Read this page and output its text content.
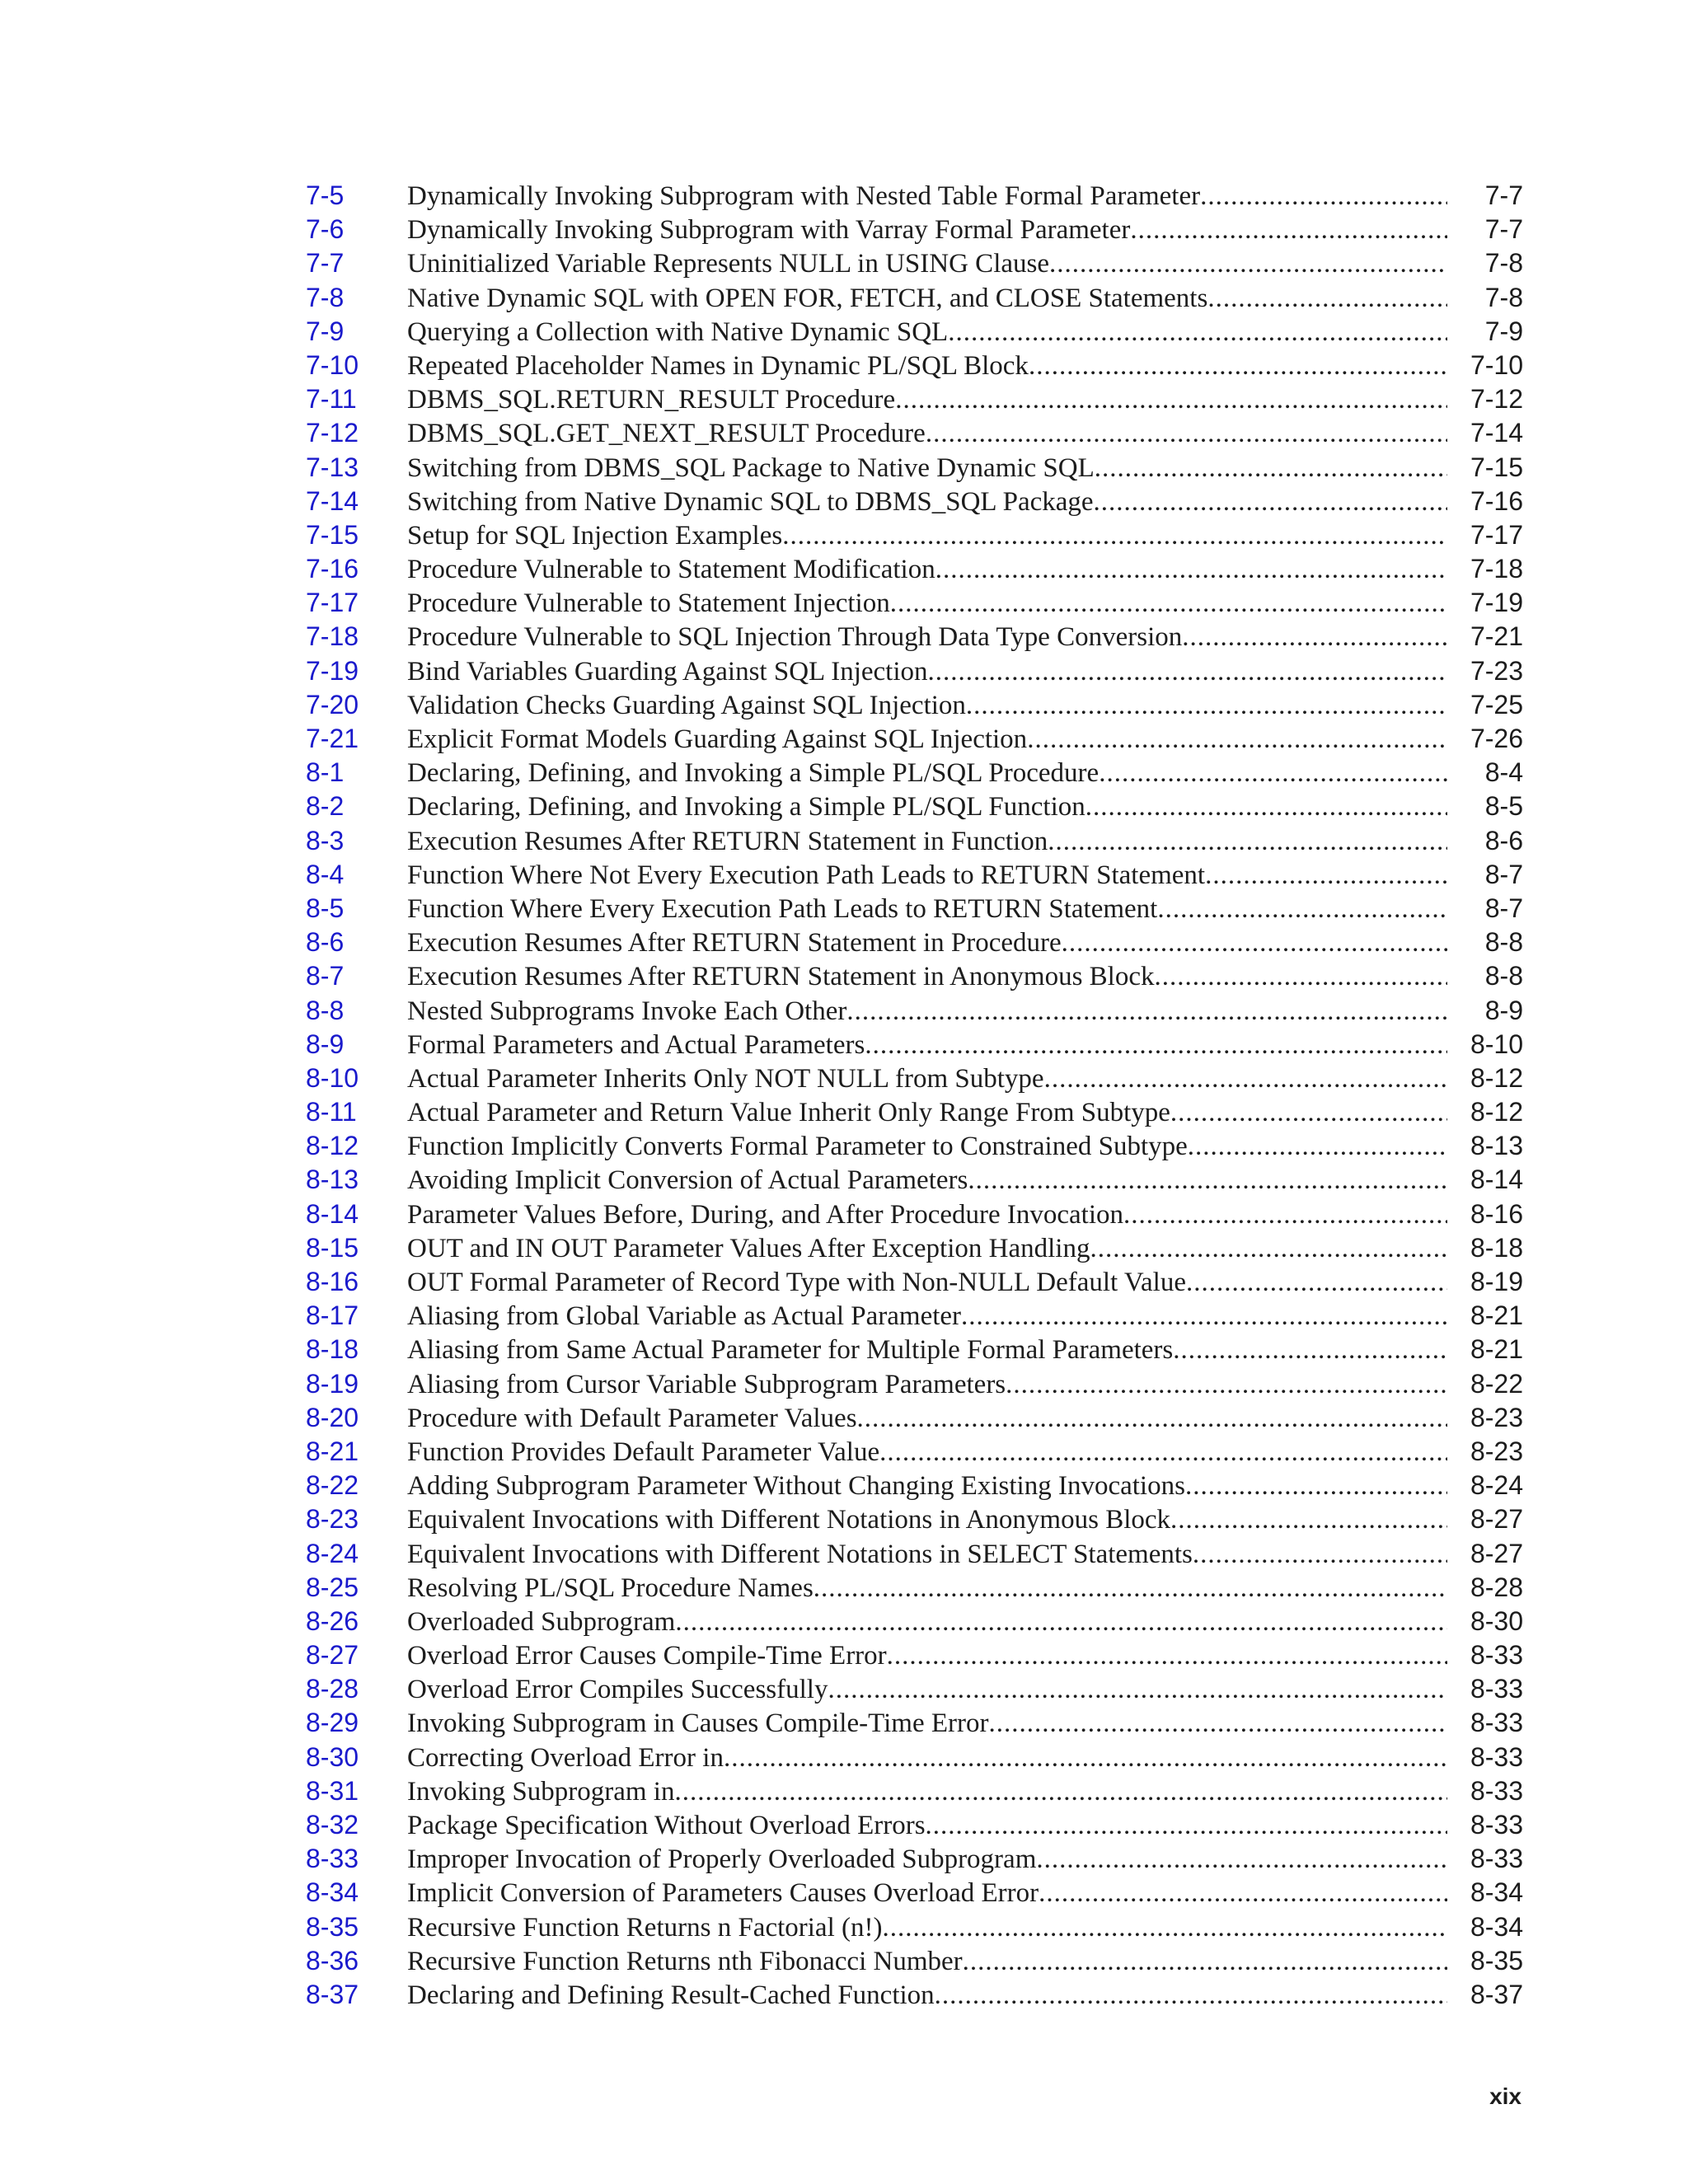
7-5	Dynamically Invoking Subprogram with Nested Table Formal Parameter .....	7-7
7-6	Dynamically Invoking Subprogram with Varray Formal Parameter .....	7-7
7-7	Uninitialized Variable Represents NULL in USING Clause .....	7-8
7-8	Native Dynamic SQL with OPEN FOR, FETCH, and CLOSE Statements .....	7-8
7-9	Querying a Collection with Native Dynamic SQL .....	7-9
7-10	Repeated Placeholder Names in Dynamic PL/SQL Block .....	7-10
7-11	DBMS_SQL.RETURN_RESULT Procedure .....	7-12
7-12	DBMS_SQL.GET_NEXT_RESULT Procedure .....	7-14
7-13	Switching from DBMS_SQL Package to Native Dynamic SQL .....	7-15
7-14	Switching from Native Dynamic SQL to DBMS_SQL Package .....	7-16
7-15	Setup for SQL Injection Examples .....	7-17
7-16	Procedure Vulnerable to Statement Modification .....	7-18
7-17	Procedure Vulnerable to Statement Injection .....	7-19
7-18	Procedure Vulnerable to SQL Injection Through Data Type Conversion .....	7-21
7-19	Bind Variables Guarding Against SQL Injection .....	7-23
7-20	Validation Checks Guarding Against SQL Injection .....	7-25
7-21	Explicit Format Models Guarding Against SQL Injection .....	7-26
8-1	Declaring, Defining, and Invoking a Simple PL/SQL Procedure .....	8-4
8-2	Declaring, Defining, and Invoking a Simple PL/SQL Function .....	8-5
8-3	Execution Resumes After RETURN Statement in Function .....	8-6
8-4	Function Where Not Every Execution Path Leads to RETURN Statement .....	8-7
8-5	Function Where Every Execution Path Leads to RETURN Statement .....	8-7
8-6	Execution Resumes After RETURN Statement in Procedure .....	8-8
8-7	Execution Resumes After RETURN Statement in Anonymous Block .....	8-8
8-8	Nested Subprograms Invoke Each Other .....	8-9
8-9	Formal Parameters and Actual Parameters .....	8-10
8-10	Actual Parameter Inherits Only NOT NULL from Subtype .....	8-12
8-11	Actual Parameter and Return Value Inherit Only Range From Subtype .....	8-12
8-12	Function Implicitly Converts Formal Parameter to Constrained Subtype .....	8-13
8-13	Avoiding Implicit Conversion of Actual Parameters .....	8-14
8-14	Parameter Values Before, During, and After Procedure Invocation .....	8-16
8-15	OUT and IN OUT Parameter Values After Exception Handling .....	8-18
8-16	OUT Formal Parameter of Record Type with Non-NULL Default Value .....	8-19
8-17	Aliasing from Global Variable as Actual Parameter .....	8-21
8-18	Aliasing from Same Actual Parameter for Multiple Formal Parameters .....	8-21
8-19	Aliasing from Cursor Variable Subprogram Parameters .....	8-22
8-20	Procedure with Default Parameter Values .....	8-23
8-21	Function Provides Default Parameter Value .....	8-23
8-22	Adding Subprogram Parameter Without Changing Existing Invocations .....	8-24
8-23	Equivalent Invocations with Different Notations in Anonymous Block .....	8-27
8-24	Equivalent Invocations with Different Notations in SELECT Statements .....	8-27
8-25	Resolving PL/SQL Procedure Names .....	8-28
8-26	Overloaded Subprogram .....	8-30
8-27	Overload Error Causes Compile-Time Error .....	8-33
8-28	Overload Error Compiles Successfully .....	8-33
8-29	Invoking Subprogram in Causes Compile-Time Error .....	8-33
8-30	Correcting Overload Error in .....	8-33
8-31	Invoking Subprogram in .....	8-33
8-32	Package Specification Without Overload Errors .....	8-33
8-33	Improper Invocation of Properly Overloaded Subprogram .....	8-33
8-34	Implicit Conversion of Parameters Causes Overload Error .....	8-34
8-35	Recursive Function Returns n Factorial (n!) .....	8-34
8-36	Recursive Function Returns nth Fibonacci Number .....	8-35
8-37	Declaring and Defining Result-Cached Function .....	8-37
xix
